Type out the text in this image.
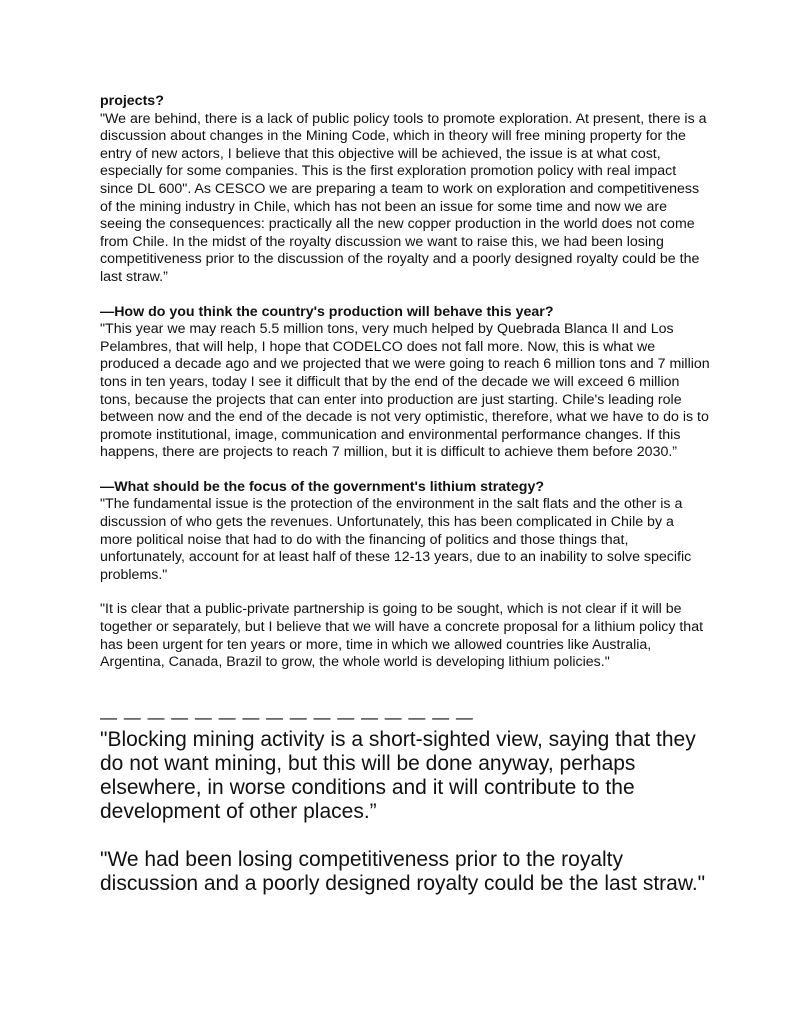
projects?

"We are behind, there is a lack of public policy tools to promote exploration. At present, there is a discussion about changes in the Mining Code, which in theory will free mining property for the entry of new actors, I believe that this objective will be achieved, the issue is at what cost, especially for some companies. This is the first exploration promotion policy with real impact since DL 600". As CESCO we are preparing a team to work on exploration and competitiveness of the mining industry in Chile, which has not been an issue for some time and now we are seeing the consequences: practically all the new copper production in the world does not come from Chile. In the midst of the royalty discussion we want to raise this, we had been losing competitiveness prior to the discussion of the royalty and a poorly designed royalty could be the last straw.”

—How do you think the country's production will behave this year?

"This year we may reach 5.5 million tons, very much helped by Quebrada Blanca II and Los Pelambres, that will help, I hope that CODELCO does not fall more. Now, this is what we produced a decade ago and we projected that we were going to reach 6 million tons and 7 million tons in ten years, today I see it difficult that by the end of the decade we will exceed 6 million tons, because the projects that can enter into production are just starting. Chile's leading role between now and the end of the decade is not very optimistic, therefore, what we have to do is to promote institutional, image, communication and environmental performance changes. If this happens, there are projects to reach 7 million, but it is difficult to achieve them before 2030.”

—What should be the focus of the government's lithium strategy?

"The fundamental issue is the protection of the environment in the salt flats and the other is a discussion of who gets the revenues. Unfortunately, this has been complicated in Chile by a more political noise that had to do with the financing of politics and those things that, unfortunately, account for at least half of these 12-13 years, due to an inability to solve specific problems."

"It is clear that a public-private partnership is going to be sought, which is not clear if it will be together or separately, but I believe that we will have a concrete proposal for a lithium policy that has been urgent for ten years or more, time in which we allowed countries like Australia, Argentina, Canada, Brazil to grow, the whole world is developing lithium policies."

— — — — — — — — — — — — — — — —

"Blocking mining activity is a short-sighted view, saying that they do not want mining, but this will be done anyway, perhaps elsewhere, in worse conditions and it will contribute to the development of other places.”

"We had been losing competitiveness prior to the royalty discussion and a poorly designed royalty could be the last straw."
